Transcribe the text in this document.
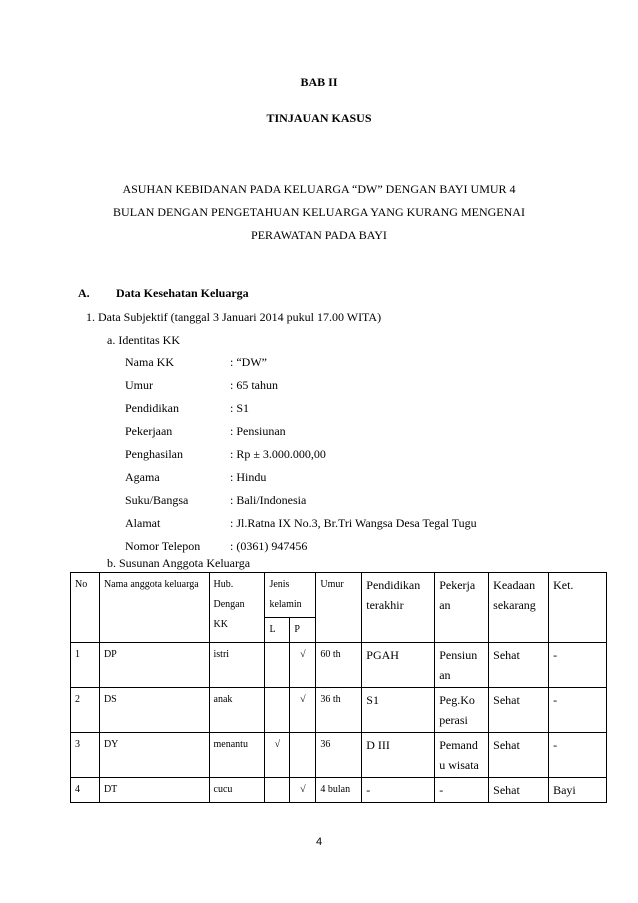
BAB II
TINJAUAN KASUS
ASUHAN KEBIDANAN PADA KELUARGA “DW” DENGAN BAYI UMUR 4
BULAN DENGAN PENGETAHUAN KELUARGA YANG KURANG MENGENAI
PERAWATAN PADA BAYI
A. Data Kesehatan Keluarga
1. Data Subjektif (tanggal 3 Januari 2014 pukul 17.00 WITA)
a. Identitas KK
Nama KK	: “DW”
Umur	: 65 tahun
Pendidikan	: S1
Pekerjaan	: Pensiunan
Penghasilan	: Rp ± 3.000.000,00
Agama	: Hindu
Suku/Bangsa	: Bali/Indonesia
Alamat	: Jl.Ratna IX No.3, Br.Tri Wangsa Desa Tegal Tugu
Nomor Telepon : (0361) 947456
b. Susunan Anggota Keluarga
No	Nama anggota keluarga	Hub. Dengan KK	Jenis kelamin		Umur	Pendidikan terakhir	Pekerja an	Keadaan sekarang	Ket.
			L	P					
1	DP	istri		√	60 th	PGAH	Pensiun an	Sehat	-
2	DS	anak		√	36 th	S1	Peg.Ko perasi	Sehat	-
3	DY	menantu	√		36	D III	Pemand u wisata	Sehat	-
4	DT	cucu		√	4 bulan	-	-	Sehat	Bayi
4
